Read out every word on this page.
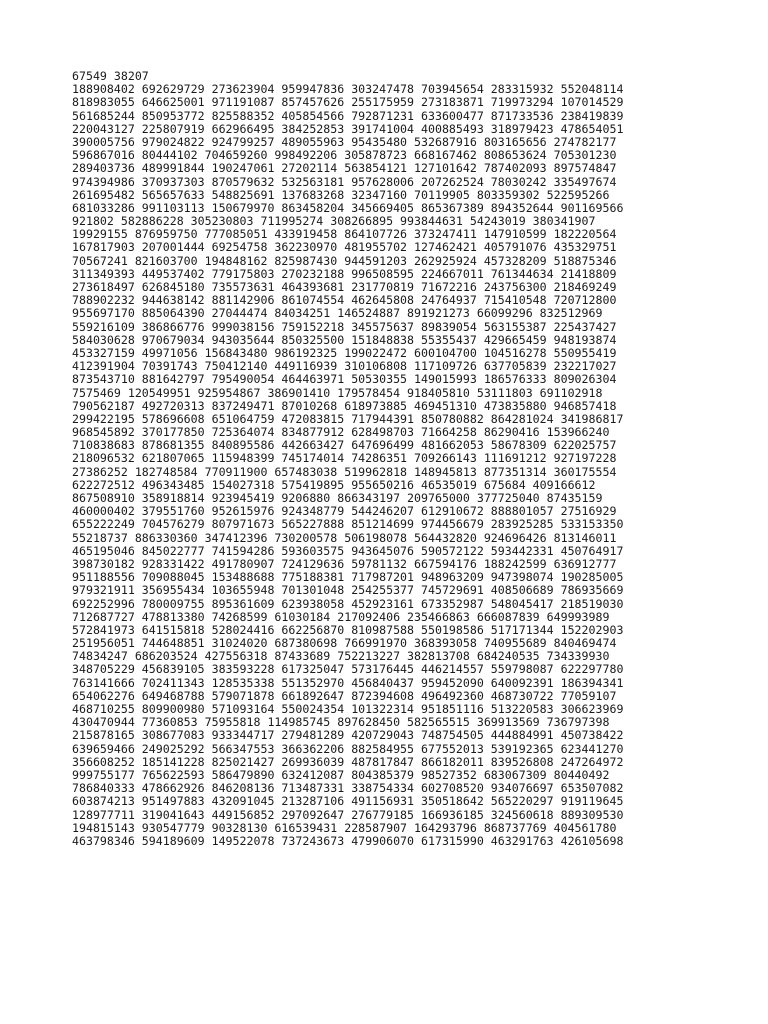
67549 38207
188908402 692629729 273623904 959947836 303247478 703945654 283315932 552048114
818983055 646625001 971191087 857457626 255175959 273183871 719973294 107014529
561685244 850953772 825588352 405854566 792871231 633600477 871733536 238419839
220043127 225807919 662966495 384252853 391741004 400885493 318979423 478654051
390005756 979024822 924799257 489055963 95435480 532687916 803165656 274782177
596867016 80444102 704659260 998492206 305878723 668167462 808653624 705301230
289403736 489991844 190247061 27202114 563854121 127101642 787402093 897574847
974394986 370937303 870579632 532563181 957628006 207262524 78030242 335497674
261695482 565657633 548825691 137683268 32347160 70119905 803359302 522595266
681033286 991103113 150679970 863458204 345669405 865367389 894352644 901169566
921802 582886228 305230803 711995274 308266895 993844631 54243019 380341907
19929155 876959750 777085051 433919458 864107726 373247411 147910599 182220564
167817903 207001444 69254758 362230970 481955702 127462421 405791076 435329751
70567241 821603700 194848162 825987430 944591203 262925924 457328209 518875346
311349393 449537402 779175803 270232188 996508595 224667011 761344634 21418809
273618497 626845180 735573631 464393681 231770819 71672216 243756300 218469249
788902232 944638142 881142906 861074554 462645808 24764937 715410548 720712800
955697170 885064390 27044474 84034251 146524887 891921273 66099296 832512969
559216109 386866776 999038156 759152218 345575637 89839054 563155387 225437427
584030628 970679034 943035644 850325500 151848838 55355437 429665459 948193874
453327159 49971056 156843480 986192325 199022472 600104700 104516278 550955419
412391904 70391743 750412140 449116939 310106808 117109726 637705839 232217027
873543710 881642797 795490054 464463971 50530355 149015993 186576333 809026304
7575469 120549951 925954867 386901410 179578454 918405810 53111803 691102918
790562187 492720313 837249471 87010268 618973885 469451310 473835880 946857418
299422195 578696608 651064759 472083815 717944391 850780882 864281024 341986817
968545892 370177850 725364074 834877912 628498703 71664258 86290416 153966240
710838683 878681355 840895586 442663427 647696499 481662053 58678309 622025757
218096532 621807065 115948399 745174014 74286351 709266143 111691212 927197228
27386252 182748584 770911900 657483038 519962818 148945813 877351314 360175554
622272512 496343485 154027318 575419895 955650216 46535019 675684 409166612
867508910 358918814 923945419 9206880 866343197 209765000 377725040 87435159
460000402 379551760 952615976 924348779 544246207 612910672 888801057 27516929
655222249 704576279 807971673 565227888 851214699 974456679 283925285 533153350
55218737 886330360 347412396 730200578 506198078 564432820 924696426 813146011
465195046 845022777 741594286 593603575 943645076 590572122 593442331 450764917
398730182 928331422 491780907 724129636 59781132 667594176 188242599 636912777
951188556 709088045 153488688 775188381 717987201 948963209 947398074 190285005
979321911 356955434 103655948 701301048 254255377 745729691 408506689 786935669
692252996 780009755 895361609 623938058 452923161 673352987 548045417 218519030
712687727 478813380 74268599 61030184 217092406 235466863 666087839 649993989
572841973 641515818 528024416 662256870 810987588 550198586 517171344 152202903
251956051 744648851 31024020 687380698 766991970 368393058 740955689 840469474
74834247 686203524 427556318 87433689 752213227 382813708 684240535 734339930
348705229 456839105 383593228 617325047 573176445 446214557 559798087 622297780
763141666 702411343 128535338 551352970 456840437 959452090 640092391 186394341
654062276 649468788 579071878 661892647 872394608 496492360 468730722 77059107
468710255 809900980 571093164 550024354 101322314 951851116 513220583 306623969
430470944 77360853 75955818 114985745 897628450 582565515 369913569 736797398
215878165 308677083 933344717 279481289 420729043 748754505 444884991 450738422
639659466 249025292 566347553 366362206 882584955 677552013 539192365 623441270
356608252 185141228 825021427 269936039 487817847 866182011 839526808 247264972
999755177 765622593 586479890 632412087 804385379 98527352 683067309 80440492
786840333 478662926 846208136 713487331 338754334 602708520 934076697 653507082
603874213 951497883 432091045 213287106 491156931 350518642 565220297 919119645
128977711 319041643 449156852 297092647 276779185 166936185 324560618 889309530
194815143 930547779 90328130 616539431 228587907 164293796 868737769 404561780
463798346 594189609 149522078 737243673 479906070 617315990 463291763 426105698
